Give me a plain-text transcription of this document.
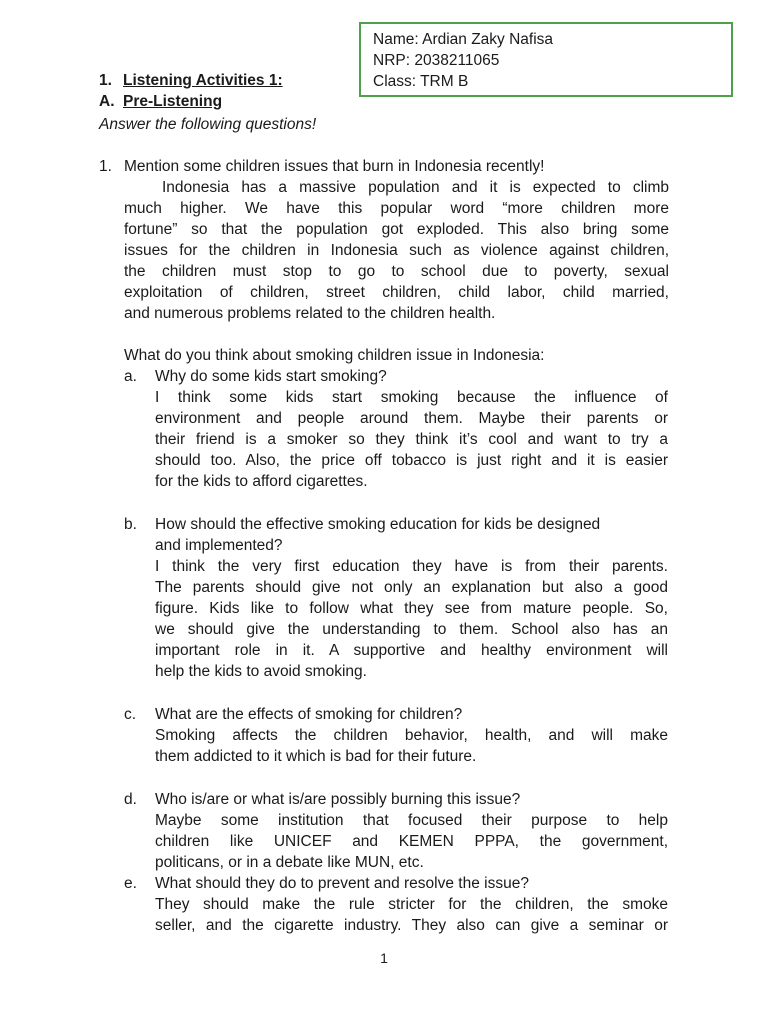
Name: Ardian Zaky Nafisa
NRP: 2038211065
Class: TRM B
1. Listening Activities 1:
A. Pre-Listening
Answer the following questions!
1. Mention some children issues that burn in Indonesia recently!
Indonesia has a massive population and it is expected to climb
much higher. We have this popular word “more children more
fortune” so that the population got exploded. This also bring some
issues for the children in Indonesia such as violence against children,
the children must stop to go to school due to poverty, sexual
exploitation of children, street children, child labor, child married,
and numerous problems related to the children health.
What do you think about smoking children issue in Indonesia:
a. Why do some kids start smoking?
I think some kids start smoking because the influence of
environment and people around them. Maybe their parents or
their friend is a smoker so they think it’s cool and want to try a
should too. Also, the price off tobacco is just right and it is easier
for the kids to afford cigarettes.
b. How should the effective smoking education for kids be designed
and implemented?
I think the very first education they have is from their parents.
The parents should give not only an explanation but also a good
figure. Kids like to follow what they see from mature people. So,
we should give the understanding to them. School also has an
important role in it. A supportive and healthy environment will
help the kids to avoid smoking.
c. What are the effects of smoking for children?
Smoking affects the children behavior, health, and will make
them addicted to it which is bad for their future.
d. Who is/are or what is/are possibly burning this issue?
Maybe some institution that focused their purpose to help
children like UNICEF and KEMEN PPPA, the government,
politicans, or in a debate like MUN, etc.
e. What should they do to prevent and resolve the issue?
They should make the rule stricter for the children, the smoke
seller, and the cigarette industry. They also can give a seminar or
1
